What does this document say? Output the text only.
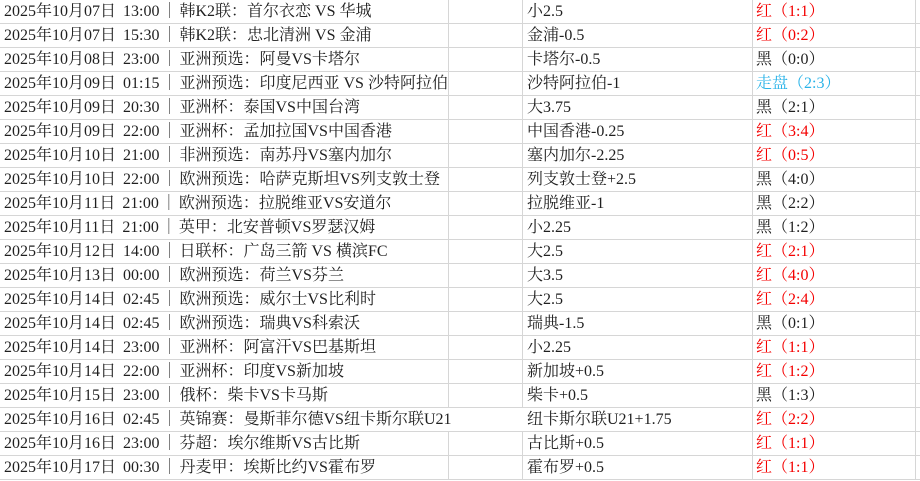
2025年10月07日 13:00 ｜ 韩K2联：首尔衣恋 VS 华城	小2.5	红（1:1）
2025年10月07日 15:30 ｜ 韩K2联：忠北清洲 VS 金浦	金浦-0.5	红（0:2）
2025年10月08日 23:00 ｜ 亚洲预选：阿曼VS卡塔尔	卡塔尔-0.5	黑（0:0）
2025年10月09日 01:15 ｜ 亚洲预选：印度尼西亚 VS 沙特阿拉伯	沙特阿拉伯-1	走盘（2:3）
2025年10月09日 20:30 ｜ 亚洲杯：泰国VS中国台湾	大3.75	黑（2:1）
2025年10月09日 22:00 ｜ 亚洲杯：孟加拉国VS中国香港	中国香港-0.25	红（3:4）
2025年10月10日 21:00 ｜ 非洲预选：南苏丹VS塞内加尔	塞内加尔-2.25	红（0:5）
2025年10月10日 22:00 ｜ 欧洲预选：哈萨克斯坦VS列支敦士登	列支敦士登+2.5	黑（4:0）
2025年10月11日 21:00 ｜ 欧洲预选：拉脱维亚VS安道尔	拉脱维亚-1	黑（2:2）
2025年10月11日 21:00 ｜ 英甲：北安普顿VS罗瑟汉姆	小2.25	黑（1:2）
2025年10月12日 14:00 ｜ 日联杯：广岛三箭 VS 横滨FC	大2.5	红（2:1）
2025年10月13日 00:00 ｜ 欧洲预选：荷兰VS芬兰	大3.5	红（4:0）
2025年10月14日 02:45 ｜ 欧洲预选：威尔士VS比利时	大2.5	红（2:4）
2025年10月14日 02:45 ｜ 欧洲预选：瑞典VS科索沃	瑞典-1.5	黑（0:1）
2025年10月14日 23:00 ｜ 亚洲杯：阿富汗VS巴基斯坦	小2.25	红（1:1）
2025年10月14日 22:00 ｜ 亚洲杯：印度VS新加坡	新加坡+0.5	红（1:2）
2025年10月15日 23:00 ｜ 俄杯：柴卡VS卡马斯	柴卡+0.5	黑（1:3）
2025年10月16日 02:45 ｜ 英锦赛：曼斯菲尔德VS纽卡斯尔联U21	纽卡斯尔联U21+1.75	红（2:2）
2025年10月16日 23:00 ｜ 芬超：埃尔维斯VS古比斯	古比斯+0.5	红（1:1）
2025年10月17日 00:30 ｜ 丹麦甲：埃斯比约VS霍布罗	霍布罗+0.5	红（1:1）
